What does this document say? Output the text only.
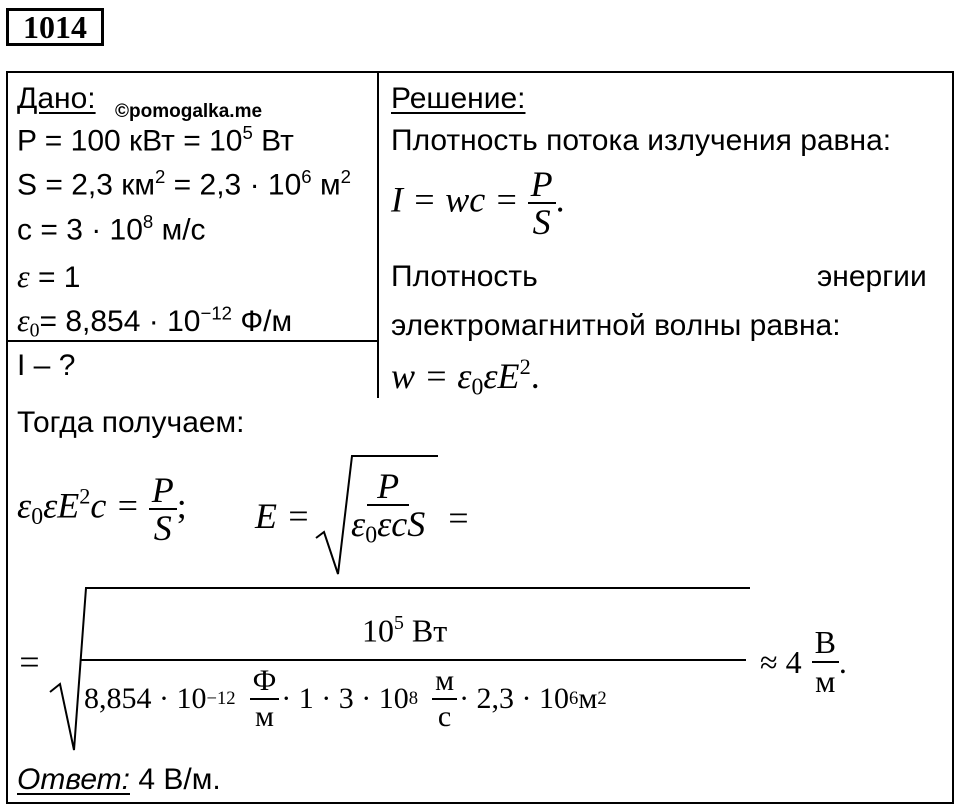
1014
Дано: ©pomogalka.me
P = 100 кВт = $10^5$ Вт
S = 2,3 $км^2 = 2,3 \cdot 10^6$ $м^2$
$с = 3 \cdot 10^8$ м/с
ε = 1
$\varepsilon_0= 8,854 \cdot 10^{-12}$ Ф/м
I – ?
Решение:
Плотность потока излучения равна:
I = wc = $\frac{P}{S}$ .
Плотность	энергии
электромагнитной волны равна:
$w = \varepsilon_0\varepsilon E^2$.
Тогда получаем:
$\varepsilon_0\varepsilon E^2c = \frac{P}{S}$ ; $E = \frac{P}{\varepsilon_0\varepsilon cS}$ =
=
$10^5$ Вт
$8,854 \cdot 10 -12 \frac{Ф}{м} \cdot 1 \cdot 3 \cdot 10$ $8 \frac{м}{с} \cdot 2,3 \cdot 10$ 6 м 2
≈ $4 \frac{В}{м}$ .
Ответ: 4 В/м.
